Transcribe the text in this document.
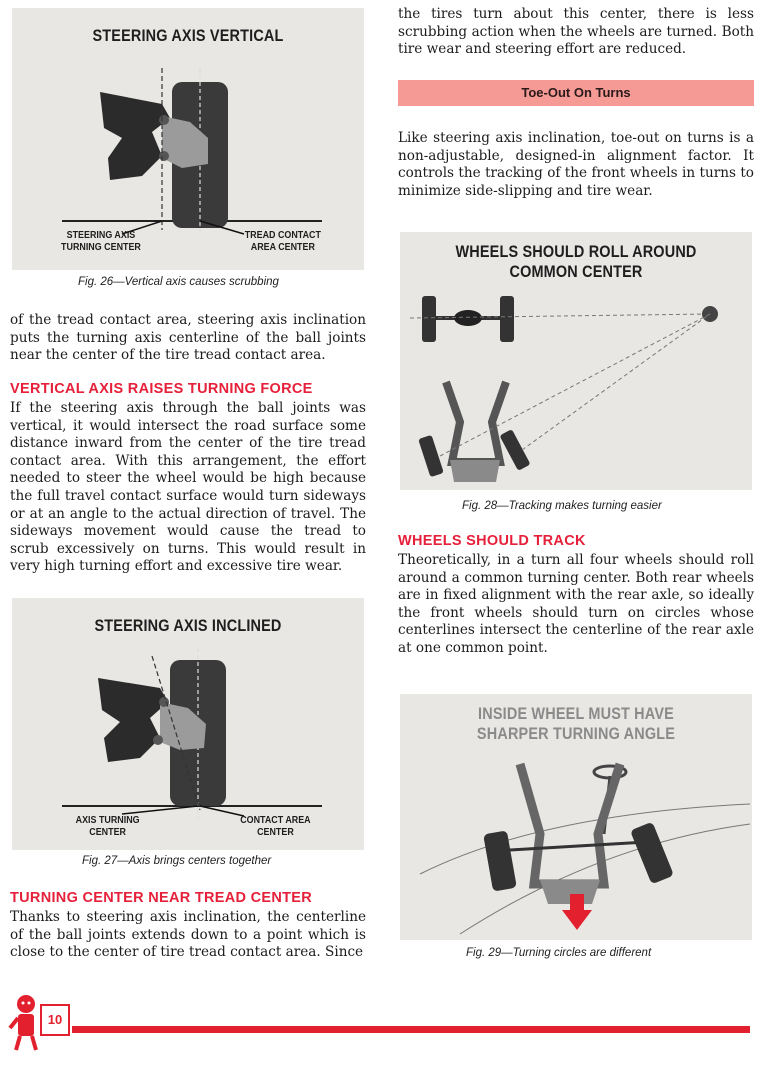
STEERING AXIS VERTICAL
STEERING AXIS
TURNING CENTER
TREAD CONTACT
AREA CENTER
Fig. 26—Vertical axis causes scrubbing

of the tread contact area, steering axis inclination puts the turning axis centerline of the ball joints near the center of the tire tread contact area.

VERTICAL AXIS RAISES TURNING FORCE

If the steering axis through the ball joints was vertical, it would intersect the road surface some distance inward from the center of the tire tread contact area. With this arrangement, the effort needed to steer the wheel would be high because the full travel contact surface would turn sideways or at an angle to the actual direction of travel. The sideways movement would cause the tread to scrub excessively on turns. This would result in very high turning effort and excessive tire wear.

STEERING AXIS INCLINED
AXIS TURNING
CENTER
CONTACT AREA
CENTER
Fig. 27—Axis brings centers together
TURNING CENTER NEAR TREAD CENTER

Thanks to steering axis inclination, the centerline of the ball joints extends down to a point which is close to the center of tire tread contact area. Since

the tires turn about this center, there is less scrubbing action when the wheels are turned. Both tire wear and steering effort are reduced.

Toe-Out On Turns

Like steering axis inclination, toe-out on turns is a non-adjustable, designed-in alignment factor. It controls the tracking of the front wheels in turns to minimize side-slipping and tire wear.

WHEELS SHOULD ROLL AROUND
COMMON CENTER
Fig. 28—Tracking makes turning easier
WHEELS SHOULD TRACK

Theoretically, in a turn all four wheels should roll around a common turning center. Both rear wheels are in fixed alignment with the rear axle, so ideally the front wheels should turn on circles whose centerlines intersect the centerline of the rear axle at one common point.

INSIDE WHEEL MUST HAVE
SHARPER TURNING ANGLE
Fig. 29—Turning circles are different
10
